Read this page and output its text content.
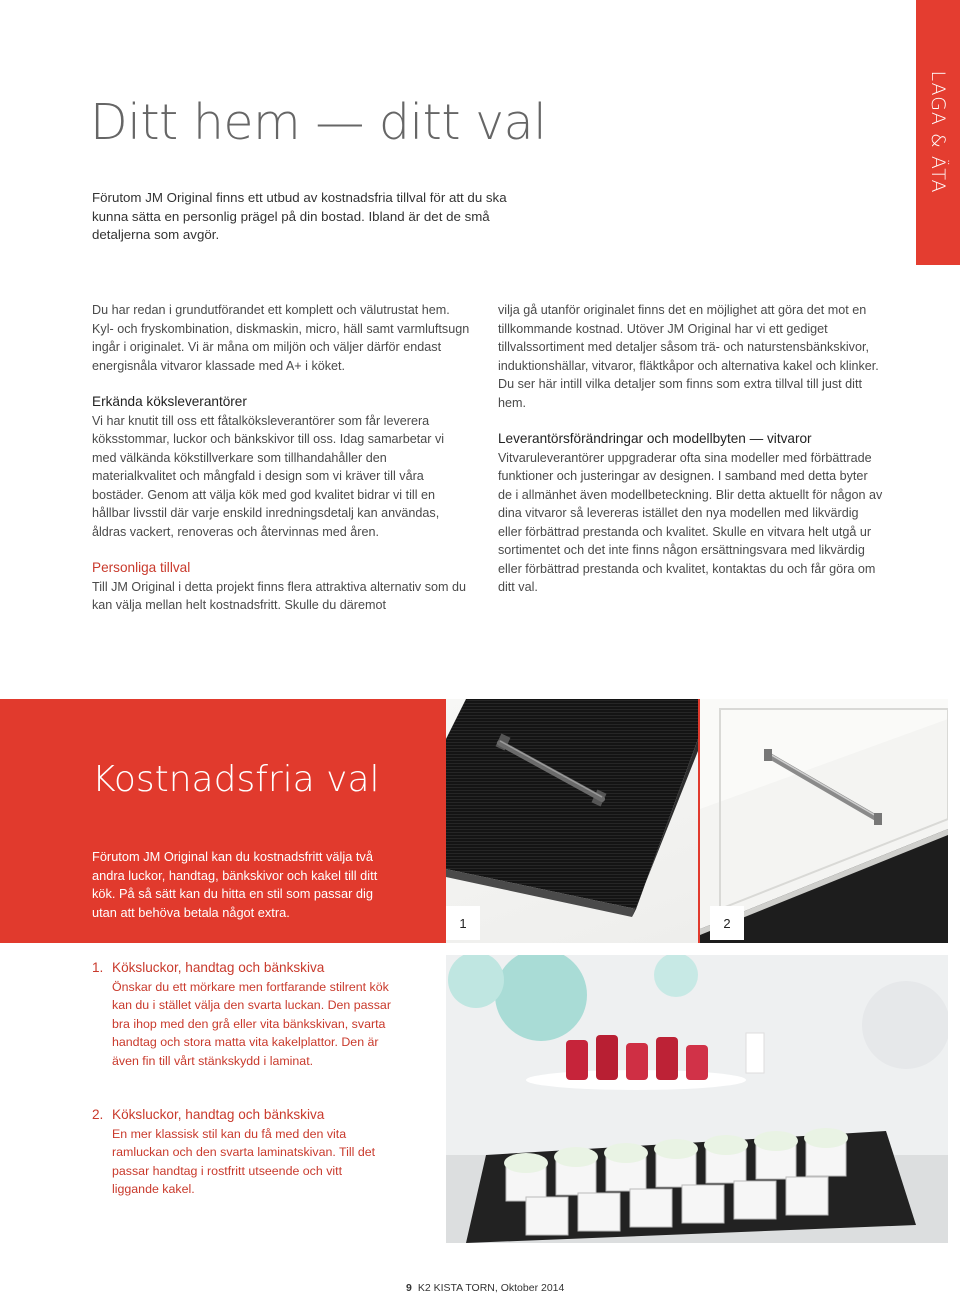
LAGA & ÄTA
Ditt hem — ditt val

Förutom JM Original finns ett utbud av kostnadsfria tillval för att du ska kunna sätta en personlig prägel på din bostad. Ibland är det de små detaljerna som avgör.

Du har redan i grundutförandet ett komplett och välutrustat hem. Kyl- och fryskombination, diskmaskin, micro, häll samt varmluftsugn ingår i originalet. Vi är måna om miljön och väljer därför endast energisnåla vitvaror klassade med A+ i köket.

Erkända köksleverantörer

Vi har knutit till oss ett fåtalköksleverantörer som får leverera köksstommar, luckor och bänkskivor till oss. Idag samarbetar vi med välkända kökstillverkare som tillhandahåller den materialkvalitet och mångfald i design som vi kräver till våra bostäder. Genom att välja kök med god kvalitet bidrar vi till en hållbar livsstil där varje enskild inredningsdetalj kan användas, åldras vackert, renoveras och återvinnas med åren.

Personliga tillval

Till JM Original i detta projekt finns flera attraktiva alternativ som du kan välja mellan helt kostnadsfritt. Skulle du däremot

vilja gå utanför originalet finns det en möjlighet att göra det mot en tillkommande kostnad. Utöver JM Original har vi ett gediget tillvalssortiment med detaljer såsom trä- och naturstensbänkskivor, induktionshällar, vitvaror, fläktkåpor och alternativa kakel och klinker. Du ser här intill vilka detaljer som finns som extra tillval till just ditt hem.

Leverantörsförändringar och modellbyten — vitvaror

Vitvaruleverantörer uppgraderar ofta sina modeller med förbättrade funktioner och justeringar av designen. I samband med detta byter de i allmänhet även modellbeteckning. Blir detta aktuellt för någon av dina vitvaror så levereras istället den nya modellen med likvärdig eller förbättrad prestanda och kvalitet. Skulle en vitvara helt utgå ur sortimentet och det inte finns någon ersättningsvara med likvärdig eller förbättrad prestanda och kvalitet, kontaktas du och får göra om ditt val.

Kostnadsfria val

Förutom JM Original kan du kostnadsfritt välja två andra luckor, handtag, bänkskivor och kakel till ditt kök. På så sätt kan du hitta en stil som passar dig utan att behöva betala något extra.

1	2
1. Köksluckor, handtag och bänkskiva

Önskar du ett mörkare men fortfarande stilrent kök kan du i stället välja den svarta luckan. Den passar bra ihop med den grå eller vita bänkskivan, svarta handtag och stora matta vita kakelplattor. Den är även fin till vårt stänkskydd i laminat.

2. Köksluckor, handtag och bänkskiva

En mer klassisk stil kan du få med den vita ramluckan och den svarta laminatskivan. Till det passar handtag i rostfritt utseende och vitt liggande kakel.

9 K2 KISTA TORN, Oktober 2014
